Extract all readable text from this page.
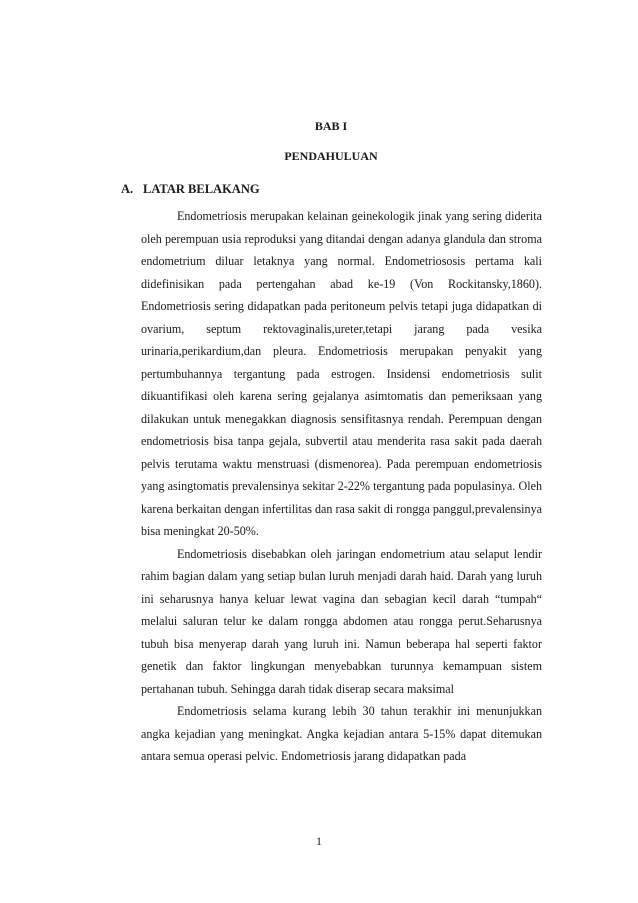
BAB I
PENDAHULUAN
A. LATAR BELAKANG

Endometriosis merupakan kelainan geinekologik jinak yang sering diderita oleh perempuan usia reproduksi yang ditandai dengan adanya glandula dan stroma endometrium diluar letaknya yang normal. Endometriososis pertama kali didefinisikan pada pertengahan abad ke-19 (Von Rockitansky,1860). Endometriosis sering didapatkan pada peritoneum pelvis tetapi juga didapatkan di ovarium, septum rektovaginalis,ureter,tetapi jarang pada vesika urinaria,perikardium,dan pleura. Endometriosis merupakan penyakit yang pertumbuhannya tergantung pada estrogen. Insidensi endometriosis sulit dikuantifikasi oleh karena sering gejalanya asimtomatis dan pemeriksaan yang dilakukan untuk menegakkan diagnosis sensifitasnya rendah. Perempuan dengan endometriosis bisa tanpa gejala, subvertil atau menderita rasa sakit pada daerah pelvis terutama waktu menstruasi (dismenorea). Pada perempuan endometriosis yang asingtomatis prevalensinya sekitar 2-22% tergantung pada populasinya. Oleh karena berkaitan dengan infertilitas dan rasa sakit di rongga panggul,prevalensinya bisa meningkat 20-50%.

Endometriosis disebabkan oleh jaringan endometrium atau selaput lendir rahim bagian dalam yang setiap bulan luruh menjadi darah haid. Darah yang luruh ini seharusnya hanya keluar lewat vagina dan sebagian kecil darah “tumpah“ melalui saluran telur ke dalam rongga abdomen atau rongga perut.Seharusnya tubuh bisa menyerap darah yang luruh ini. Namun beberapa hal seperti faktor genetik dan faktor lingkungan menyebabkan turunnya kemampuan sistem pertahanan tubuh. Sehingga darah tidak diserap secara maksimal

Endometriosis selama kurang lebih 30 tahun terakhir ini menunjukkan angka kejadian yang meningkat. Angka kejadian antara 5-15% dapat ditemukan antara semua operasi pelvic. Endometriosis jarang didapatkan pada

1
